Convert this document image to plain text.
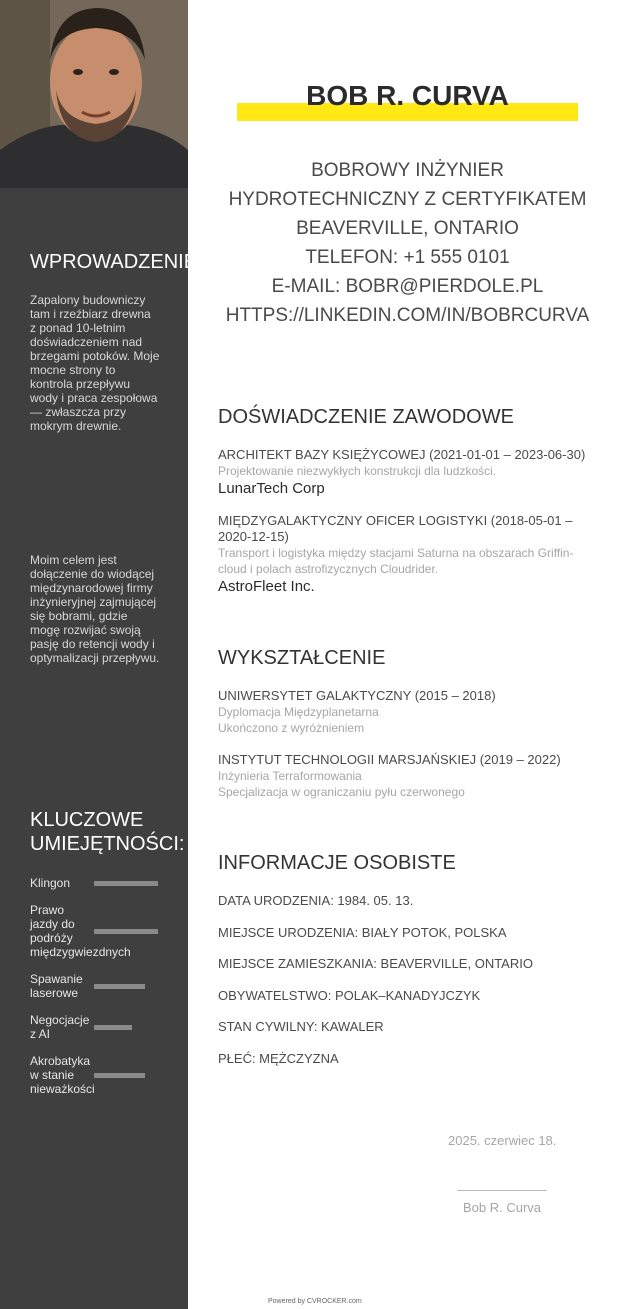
WPROWADZENIE
Zapalony budowniczy tam i rzeźbiarz drewna z ponad 10-letnim doświadczeniem nad brzegami potoków. Moje mocne strony to kontrola przepływu wody i praca zespołowa — zwłaszcza przy mokrym drewnie.
Moim celem jest dołączenie do wiodącej międzynarodowej firmy inżynieryjnej zajmującej się bobrami, gdzie mogę rozwijać swoją pasję do retencji wody i optymalizacji przepływu.
KLUCZOWE UMIEJĘTNOŚCI:
Klingon
Prawo jazdy do podróży międzygwiezdnych
Spawanie laserowe
Negocjacje z AI
Akrobatyka w stanie nieważkości
BOB R. CURVA
BOBROWY INŻYNIER
HYDROTECHNICZNY Z CERTYFIKATEM
BEAVERVILLE, ONTARIO
TELEFON: +1 555 0101
E-MAIL: BOBR@PIERDOLE.PL
HTTPS://LINKEDIN.COM/IN/BOBRCURVA
DOŚWIADCZENIE ZAWODOWE
ARCHITEKT BAZY KSIĘŻYCOWEJ (2021-01-01 – 2023-06-30)
Projektowanie niezwykłych konstrukcji dla ludzkości.
LunarTech Corp
MIĘDZYGALAKTYCZNY OFICER LOGISTYKI (2018-05-01 – 2020-12-15)
Transport i logistyka między stacjami Saturna na obszarach Griffin-cloud i polach astrofizycznych Cloudrider.
AstroFleet Inc.
WYKSZTAŁCENIE
UNIWERSYTET GALAKTYCZNY (2015 – 2018)
Dyplomacja Międzyplanetarna
Ukończono z wyróżnieniem
INSTYTUT TECHNOLOGII MARSJAŃSKIEJ (2019 – 2022)
Inżynieria Terraformowania
Specjalizacja w ograniczaniu pyłu czerwonego
INFORMACJE OSOBISTE
DATA URODZENIA: 1984. 05. 13.
MIEJSCE URODZENIA: BIAŁY POTOK, POLSKA
MIEJSCE ZAMIESZKANIA: BEAVERVILLE, ONTARIO
OBYWATELSTWO: POLAK–KANADYJCZYK
STAN CYWILNY: KAWALER
PŁEĆ: MĘŻCZYZNA
2025. czerwiec 18.
Bob R. Curva
Powered by CVROCKER.com
